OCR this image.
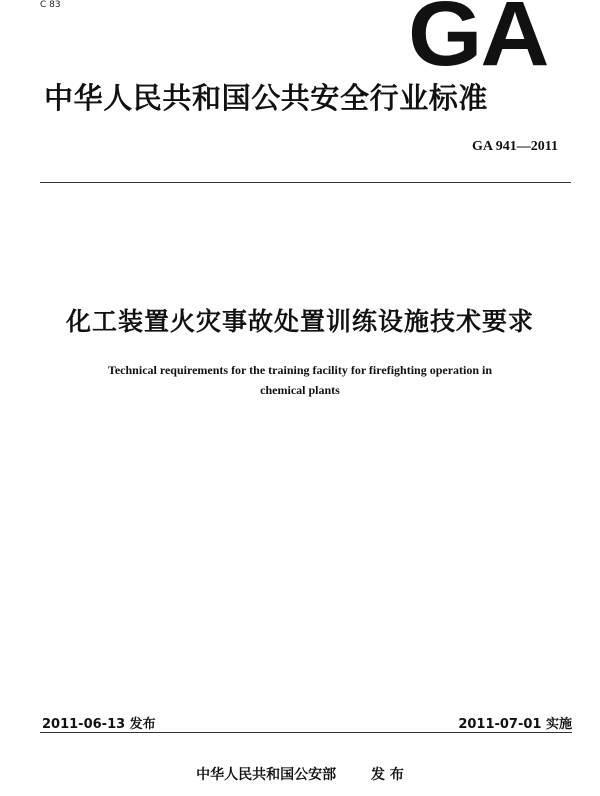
C 83	GA
中华人民共和国公共安全行业标准
GA 941—2011
化工装置火灾事故处置训练设施技术要求
Technical requirements for the training facility for firefighting operation in
chemical plants
2011-06-13 发布	2011-07-01 实施
中华人民共和国公安部 发 布
